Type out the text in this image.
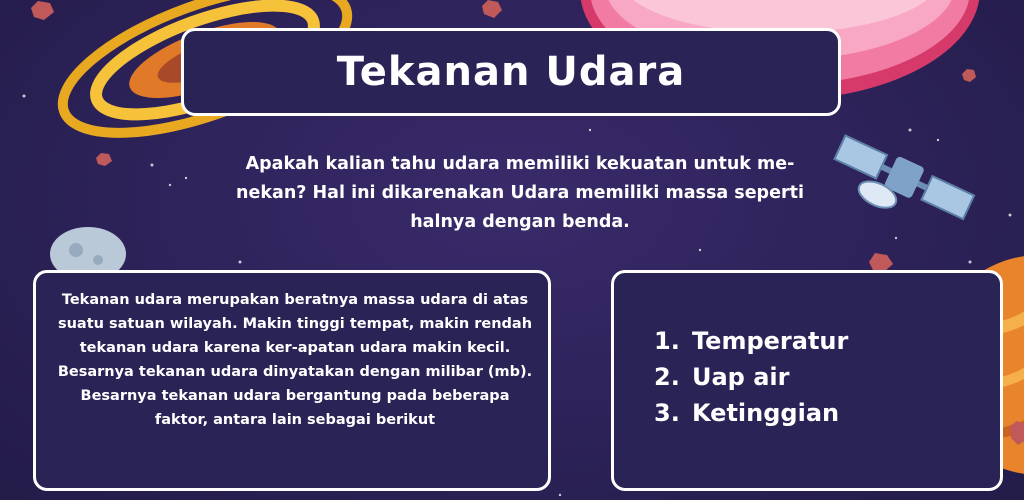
Tekanan Udara
Apakah kalian tahu udara memiliki kekuatan untuk me-nekan? Hal ini dikarenakan Udara memiliki massa seperti halnya dengan benda.
Tekanan udara merupakan beratnya massa udara di atas suatu satuan wilayah. Makin tinggi tempat, makin rendah tekanan udara karena ker-apatan udara makin kecil. Besarnya tekanan udara dinyatakan dengan milibar (mb). Besarnya tekanan udara bergantung pada beberapa faktor, antara lain sebagai berikut
1. Temperatur
2. Uap air
3. Ketinggian
